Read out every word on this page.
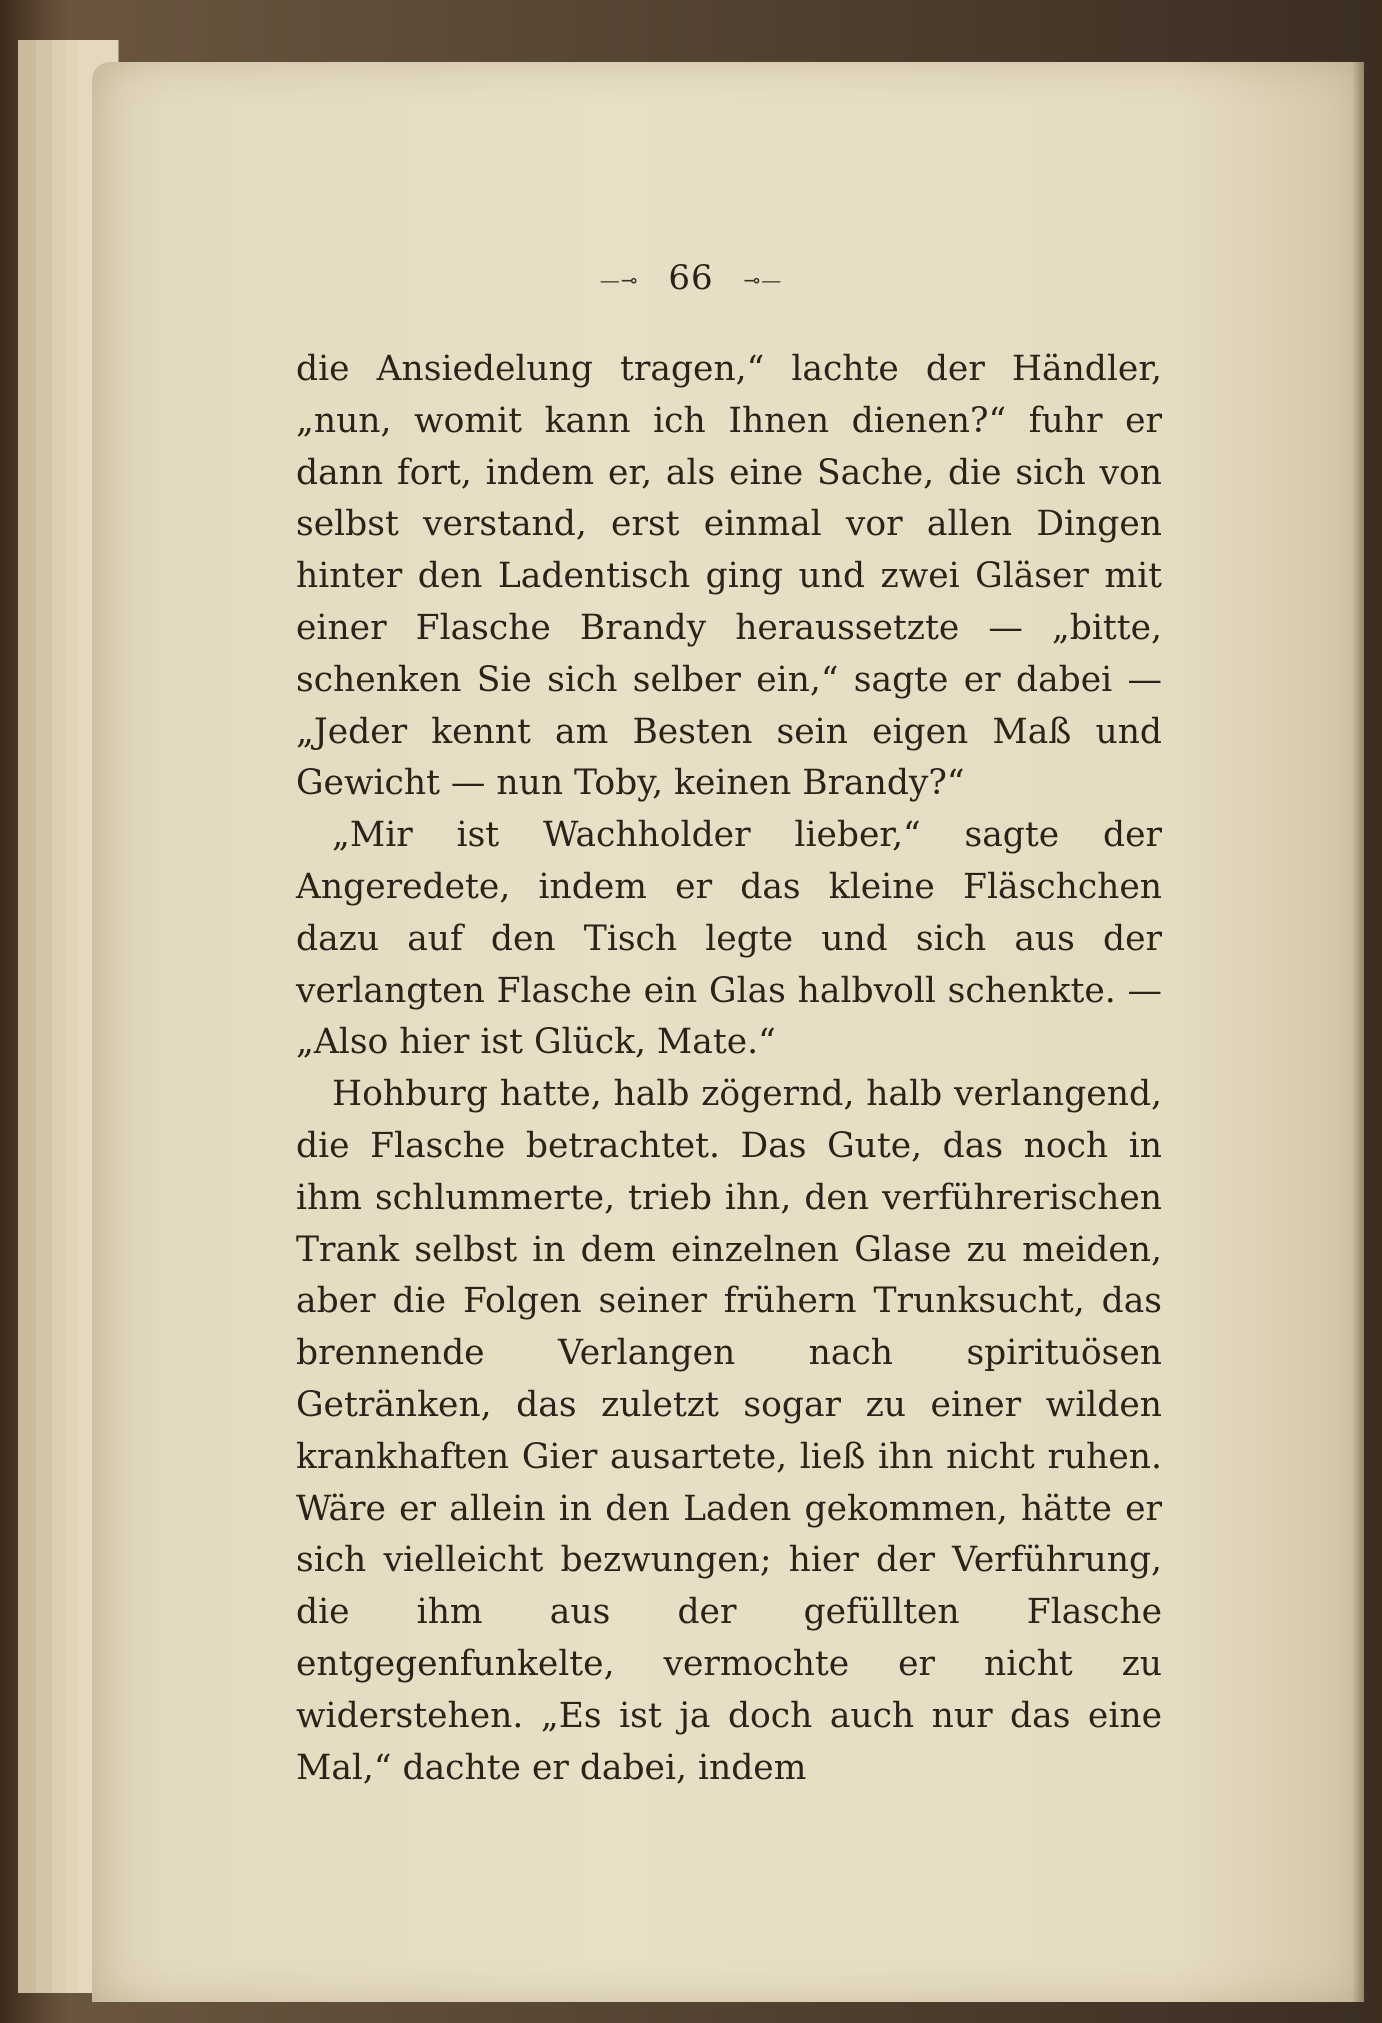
—⊸ 66 ⊸—

die Ansiedelung tragen,“ lachte der Händler, „nun, womit kann ich Ihnen dienen?“ fuhr er dann fort, indem er, als eine Sache, die sich von selbst verstand, erst einmal vor allen Dingen hinter den Ladentisch ging und zwei Gläser mit einer Flasche Brandy heraussetzte — „bitte, schenken Sie sich selber ein,“ sagte er dabei — „Jeder kennt am Besten sein eigen Maß und Gewicht — nun Toby, keinen Brandy?“

„Mir ist Wachholder lieber,“ sagte der Angeredete, indem er das kleine Fläschchen dazu auf den Tisch legte und sich aus der verlangten Flasche ein Glas halbvoll schenkte. — „Also hier ist Glück, Mate.“

Hohburg hatte, halb zögernd, halb verlangend, die Flasche betrachtet. Das Gute, das noch in ihm schlummerte, trieb ihn, den verführerischen Trank selbst in dem einzelnen Glase zu meiden, aber die Folgen seiner frühern Trunksucht, das brennende Verlangen nach spirituösen Getränken, das zuletzt sogar zu einer wilden krankhaften Gier ausartete, ließ ihn nicht ruhen. Wäre er allein in den Laden gekommen, hätte er sich vielleicht bezwungen; hier der Verführung, die ihm aus der gefüllten Flasche entgegenfunkelte, vermochte er nicht zu widerstehen. „Es ist ja doch auch nur das eine Mal,“ dachte er dabei, indem
